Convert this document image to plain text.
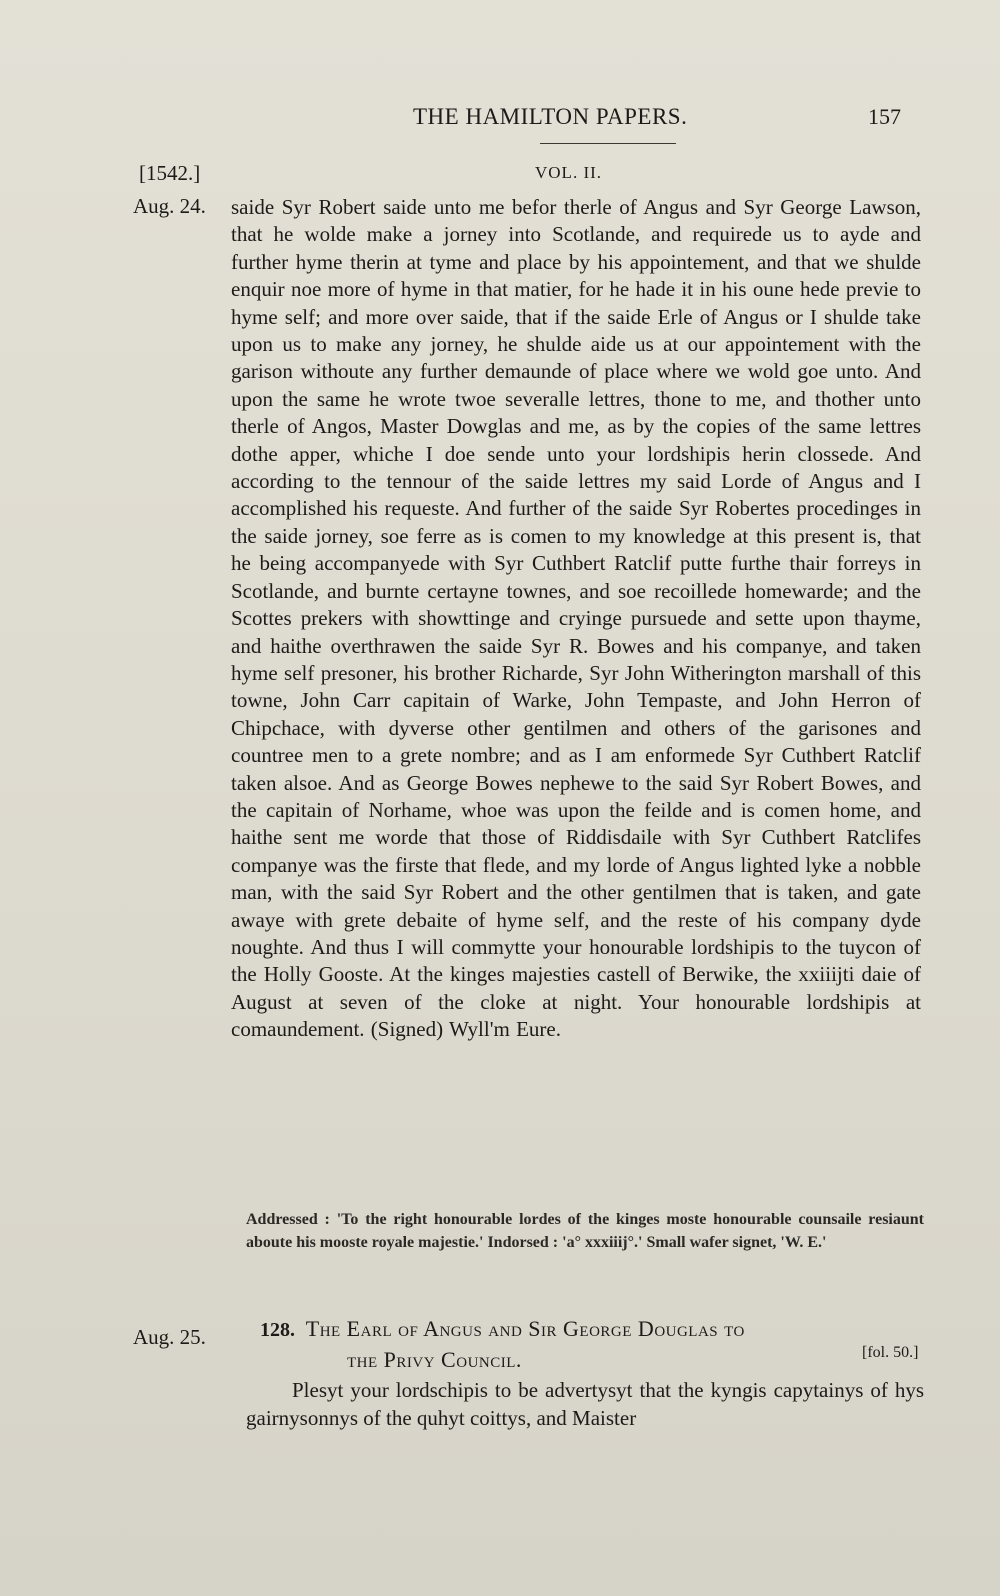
THE HAMILTON PAPERS.	157
[1542.]	VOL. II.
Aug. 24. saide Syr Robert saide unto me befor therle of Angus and Syr George Lawson, that he wolde make a jorney into Scotlande, and requirede us to ayde and further hyme therin at tyme and place by his appointement, and that we shulde enquir noe more of hyme in that matier, for he hade it in his oune hede previe to hyme self; and more over saide, that if the saide Erle of Angus or I shulde take upon us to make any jorney, he shulde aide us at our appointement with the garison withoute any further demaunde of place where we wold goe unto. And upon the same he wrote twoe severalle lettres, thone to me, and thother unto therle of Angos, Master Dowglas and me, as by the copies of the same lettres dothe apper, whiche I doe sende unto your lordshipis herin clossede. And according to the tennour of the saide lettres my said Lorde of Angus and I accomplished his requeste. And further of the saide Syr Robertes procedinges in the saide jorney, soe ferre as is comen to my knowledge at this present is, that he being accompanyede with Syr Cuthbert Ratclif putte furthe thair forreys in Scotlande, and burnte certayne townes, and soe recoillede homewarde; and the Scottes prekers with showttinge and cryinge pursuede and sette upon thayme, and haithe overthrawen the saide Syr R. Bowes and his companye, and taken hyme self presoner, his brother Richarde, Syr John Witherington marshall of this towne, John Carr capitain of Warke, John Tempaste, and John Herron of Chipchace, with dyverse other gentilmen and others of the garisones and countree men to a grete nombre; and as I am enformede Syr Cuthbert Ratclif taken alsoe. And as George Bowes nephewe to the said Syr Robert Bowes, and the capitain of Norhame, whoe was upon the feilde and is comen home, and haithe sent me worde that those of Riddisdaile with Syr Cuthbert Ratclifes companye was the firste that flede, and my lorde of Angus lighted lyke a nobble man, with the said Syr Robert and the other gentilmen that is taken, and gate awaye with grete debaite of hyme self, and the reste of his company dyde noughte. And thus I will commytte your honourable lordshipis to the tuycon of the Holly Gooste. At the kinges majesties castell of Berwike, the xxiiijti daie of August at seven of the cloke at night. Your honourable lordshipis at comaundement. (Signed) Wyll'm Eure.

Addressed : 'To the right honourable lordes of the kinges moste honourable counsaile resiaunt aboute his mooste royale majestie.' Indorsed : 'a° xxxiiij°.' Small wafer signet, 'W. E.'
Aug. 25.	128. The Earl of Angus and Sir George Douglas to
the Privy Council.	[fol. 50.]
Plesyt your lordschipis to be advertysyt that the kyngis capytainys of hys gairnysonnys of the quhyt coittys, and Maister
